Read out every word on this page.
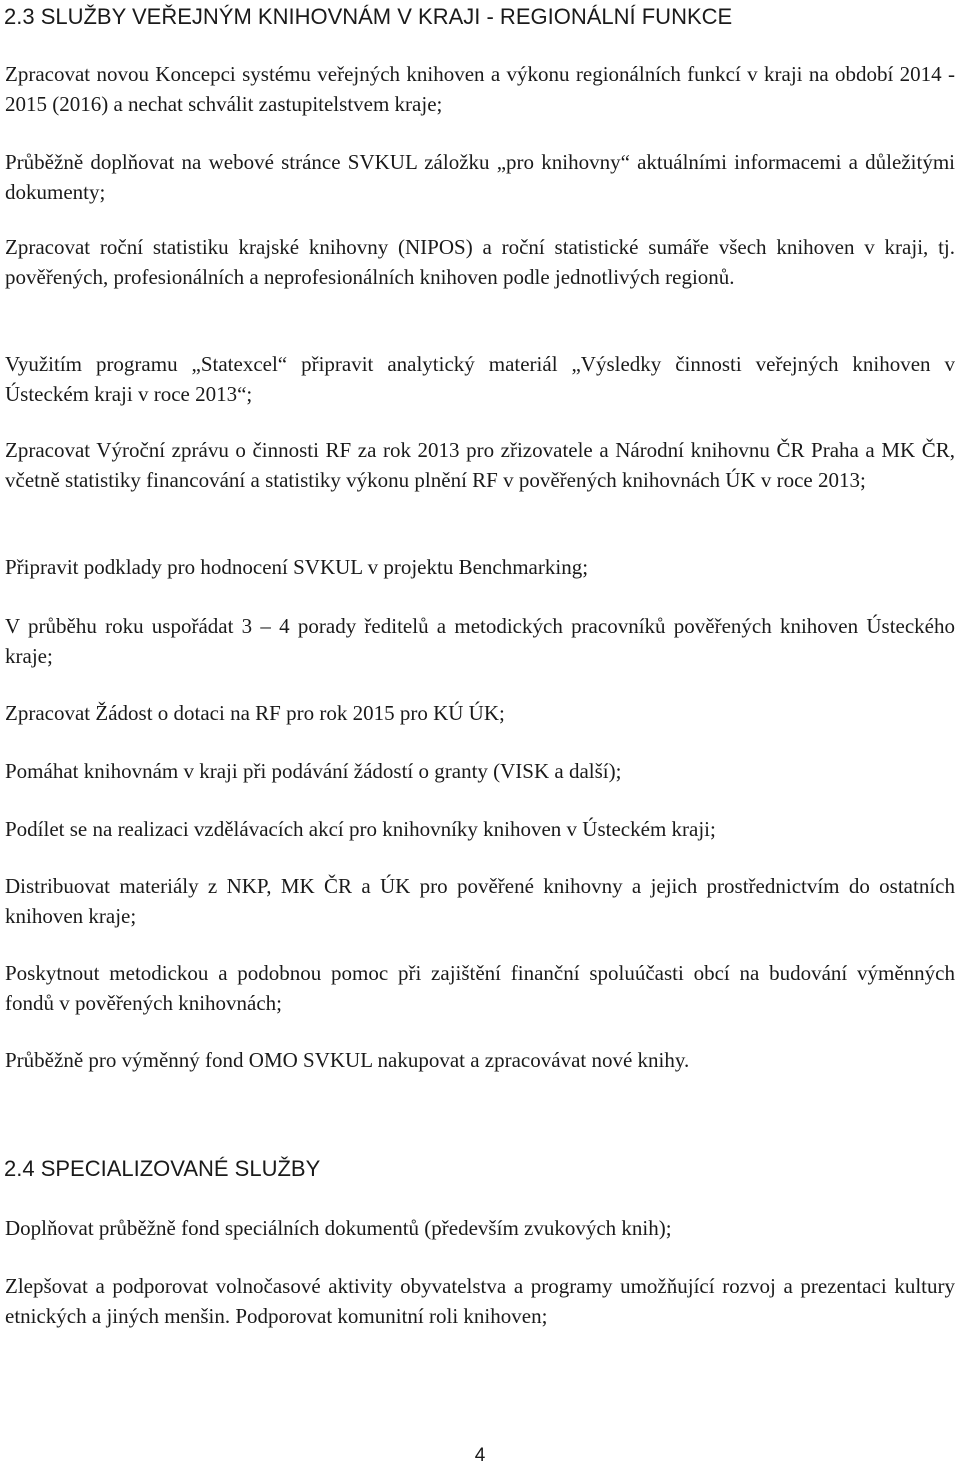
2.3 SLUŽBY VEŘEJNÝM KNIHOVNÁM V KRAJI - REGIONÁLNÍ FUNKCE

Zpracovat novou Koncepci systému veřejných knihoven a výkonu regionálních funkcí v kraji na období 2014 - 2015 (2016) a nechat schválit zastupitelstvem kraje;

Průběžně doplňovat na webové stránce SVKUL záložku „pro knihovny“ aktuálními informacemi a důležitými dokumenty;

Zpracovat roční statistiku krajské knihovny (NIPOS) a roční statistické sumáře všech knihoven v kraji, tj. pověřených, profesionálních a neprofesionálních knihoven podle jednotlivých regionů.

Využitím programu „Statexcel“ připravit analytický materiál „Výsledky činnosti veřejných knihoven v Ústeckém kraji v roce 2013“;

Zpracovat Výroční zprávu o činnosti RF za rok 2013 pro zřizovatele a Národní knihovnu ČR Praha a MK ČR, včetně statistiky financování a statistiky výkonu plnění RF v pověřených knihovnách ÚK v roce 2013;

Připravit podklady pro hodnocení SVKUL v projektu Benchmarking;

V průběhu roku uspořádat 3 – 4 porady ředitelů a metodických pracovníků pověřených knihoven Ústeckého kraje;

Zpracovat Žádost o dotaci na RF pro rok 2015 pro KÚ ÚK;

Pomáhat knihovnám v kraji při podávání žádostí o granty (VISK a další);

Podílet se na realizaci vzdělávacích akcí pro knihovníky knihoven v Ústeckém kraji;

Distribuovat materiály z NKP, MK ČR a ÚK pro pověřené knihovny a jejich prostřednictvím do ostatních knihoven kraje;

Poskytnout metodickou a podobnou pomoc při zajištění finanční spoluúčasti obcí na budování výměnných fondů v pověřených knihovnách;

Průběžně pro výměnný fond OMO SVKUL nakupovat a zpracovávat nové knihy.

2.4 SPECIALIZOVANÉ SLUŽBY

Doplňovat průběžně fond speciálních dokumentů (především zvukových knih);

Zlepšovat a podporovat volnočasové aktivity obyvatelstva a programy umožňující rozvoj a prezentaci kultury etnických a jiných menšin. Podporovat komunitní roli knihoven;

4
